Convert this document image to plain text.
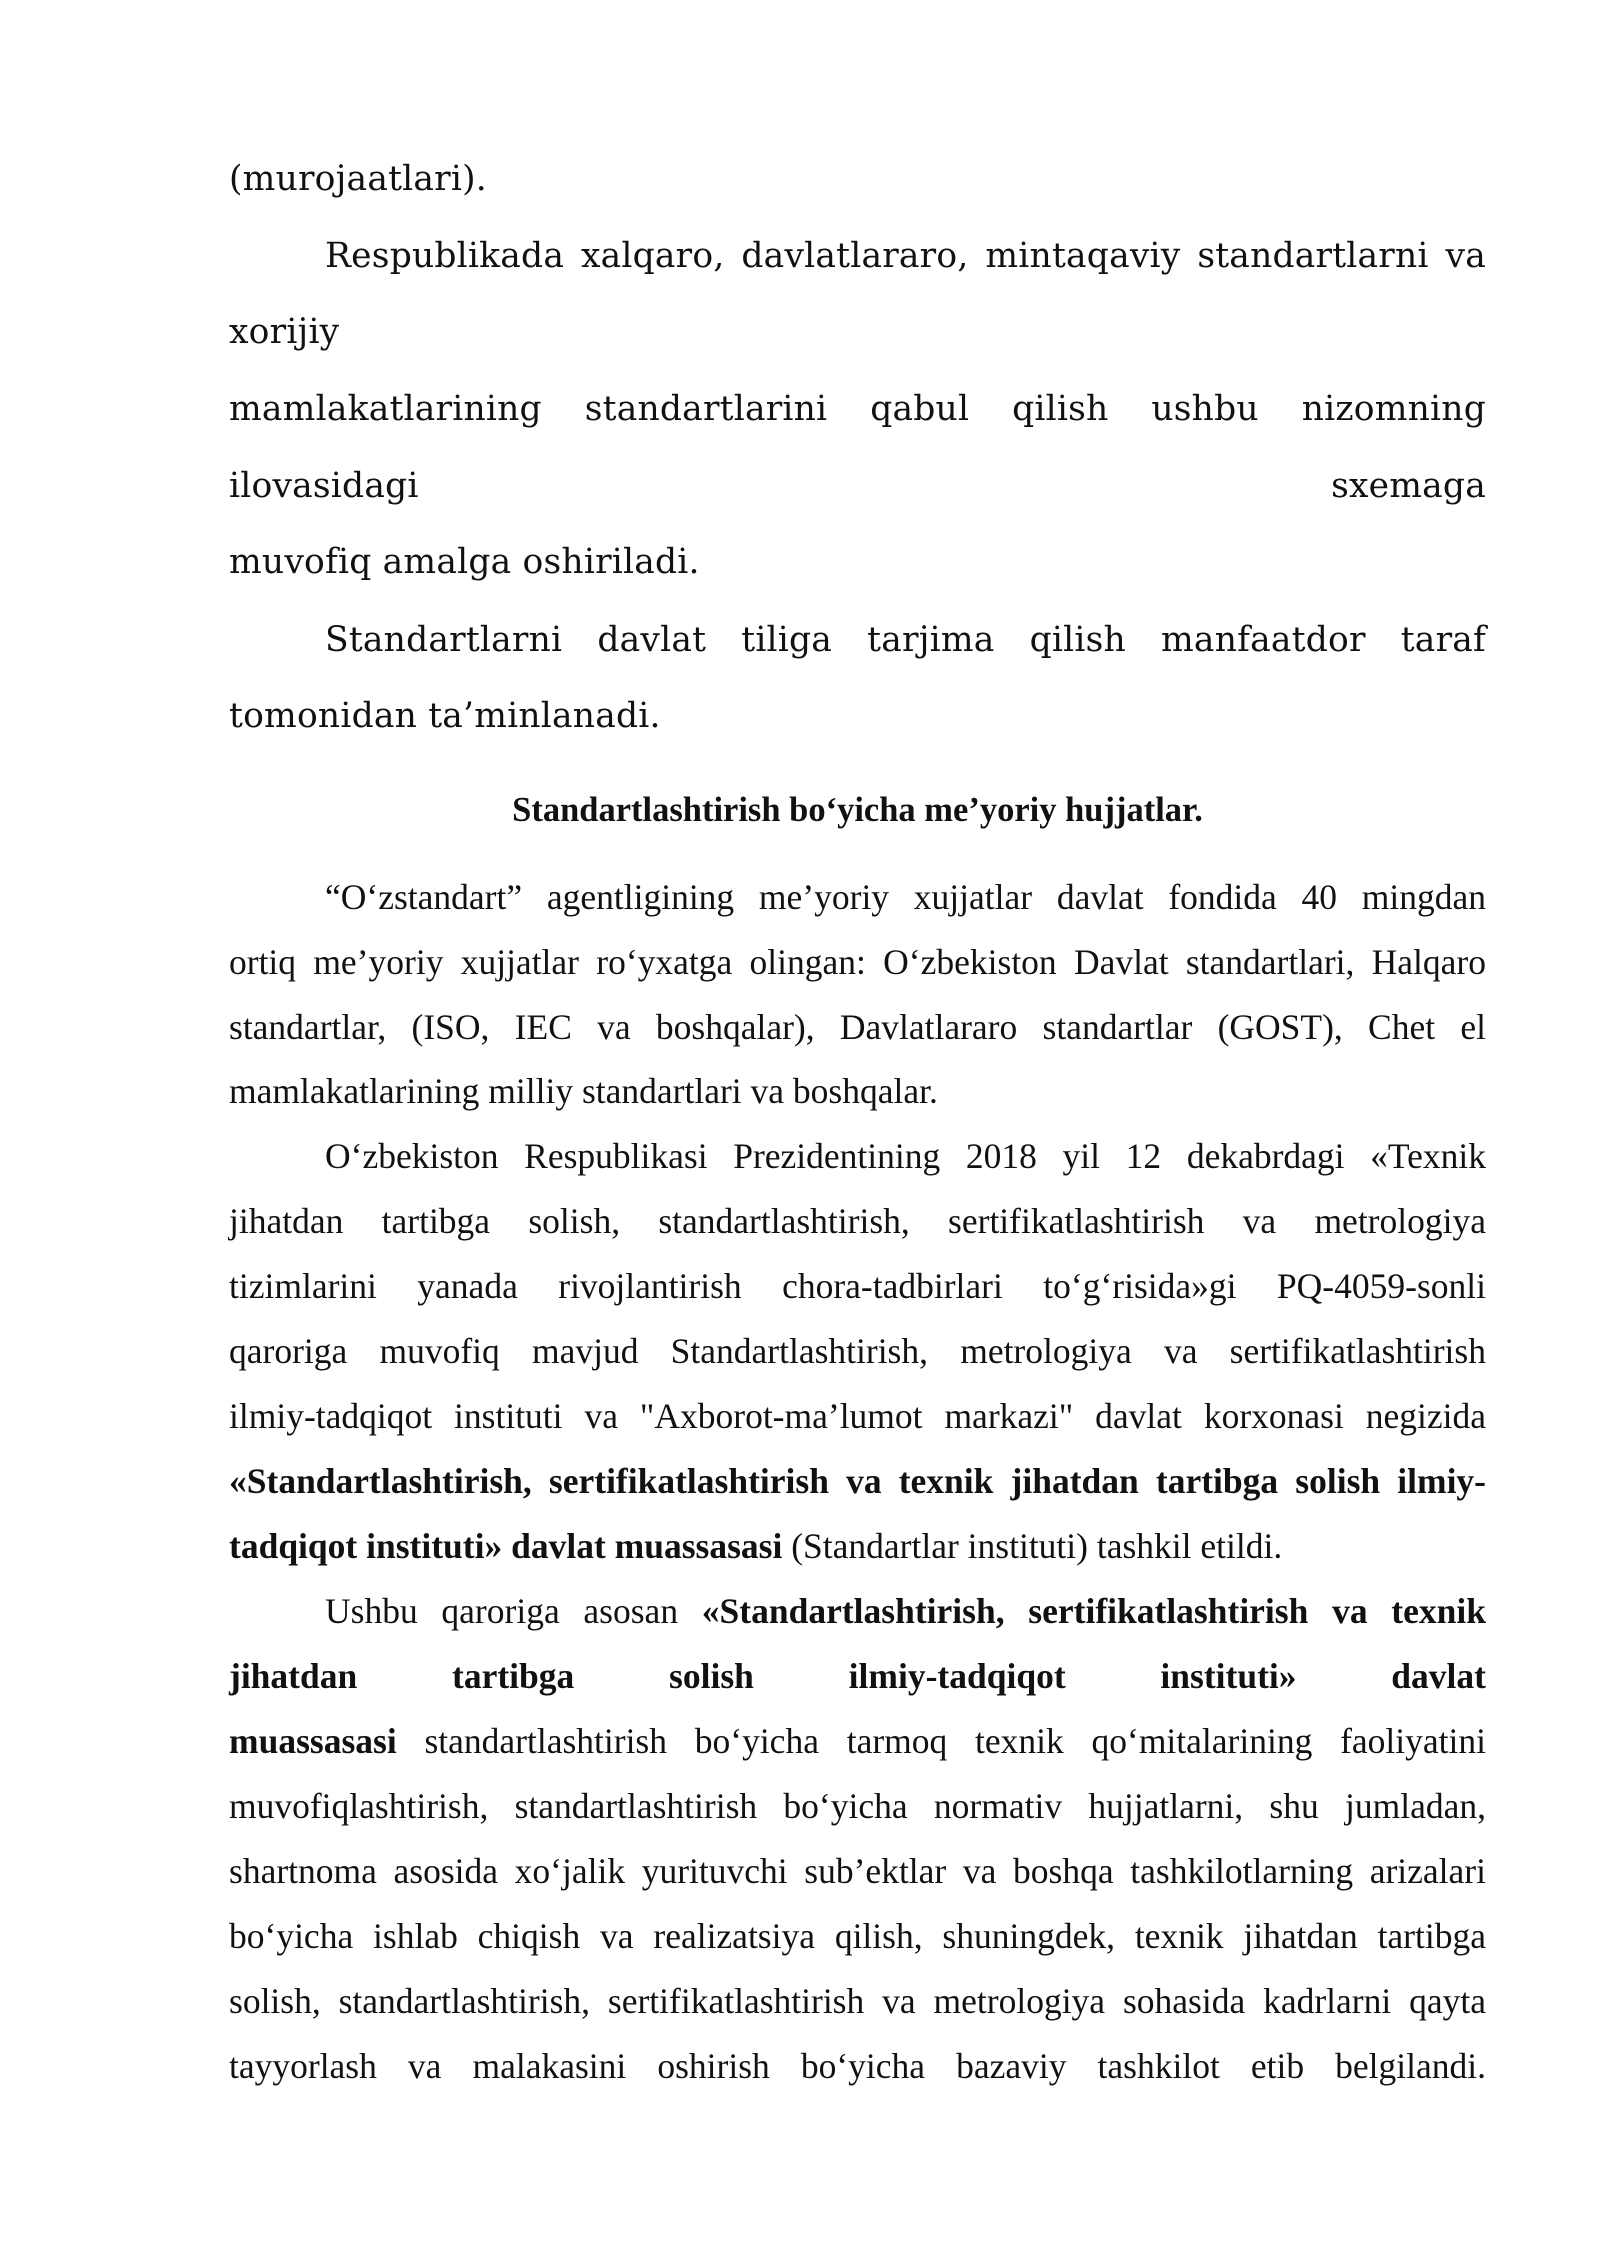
(murojaatlari).
Respublikada xalqaro, davlatlararo, mintaqaviy standartlarni va
xorijiy
mamlakatlarining standartlarini qabul qilish ushbu nizomning
ilovasidagi sxemaga
muvofiq amalga oshiriladi.
Standartlarni davlat tiliga tarjima qilish manfaatdor taraf
tomonidan ta’minlanadi.
Standartlashtirish bo‘yicha me’yoriy hujjatlar.
“O‘zstandart” agentligining me’yoriy xujjatlar davlat fondida 40 mingdan
ortiq me’yoriy xujjatlar ro‘yxatga olingan: O‘zbekiston Davlat standartlari, Halqaro
standartlar, (ISO, IEC va boshqalar), Davlatlararo standartlar (GOST), Chet el
mamlakatlarining milliy standartlari va boshqalar.
O‘zbekiston Respublikasi Prezidentining 2018 yil 12 dekabrdagi «Texnik
jihatdan tartibga solish, standartlashtirish, sertifikatlashtirish va metrologiya
tizimlarini yanada rivojlantirish chora-tadbirlari to‘g‘risida»gi PQ-4059-sonli
qaroriga muvofiq mavjud Standartlashtirish, metrologiya va sertifikatlashtirish
ilmiy-tadqiqot instituti va "Axborot-ma’lumot markazi" davlat korxonasi negizida
«Standartlashtirish, sertifikatlashtirish va texnik jihatdan tartibga solish ilmiy-
tadqiqot instituti» davlat muassasasi (Standartlar instituti) tashkil etildi.
Ushbu qaroriga asosan «Standartlashtirish, sertifikatlashtirish va texnik
jihatdan tartibga solish ilmiy-tadqiqot instituti» davlat
muassasasi standartlashtirish bo‘yicha tarmoq texnik qo‘mitalarining faoliyatini
muvofiqlashtirish, standartlashtirish bo‘yicha normativ hujjatlarni, shu jumladan,
shartnoma asosida xo‘jalik yurituvchi sub’ektlar va boshqa tashkilotlarning arizalari
bo‘yicha ishlab chiqish va realizatsiya qilish, shuningdek, texnik jihatdan tartibga
solish, standartlashtirish, sertifikatlashtirish va metrologiya sohasida kadrlarni qayta
tayyorlash va malakasini oshirish bo‘yicha bazaviy tashkilot etib belgilandi.
